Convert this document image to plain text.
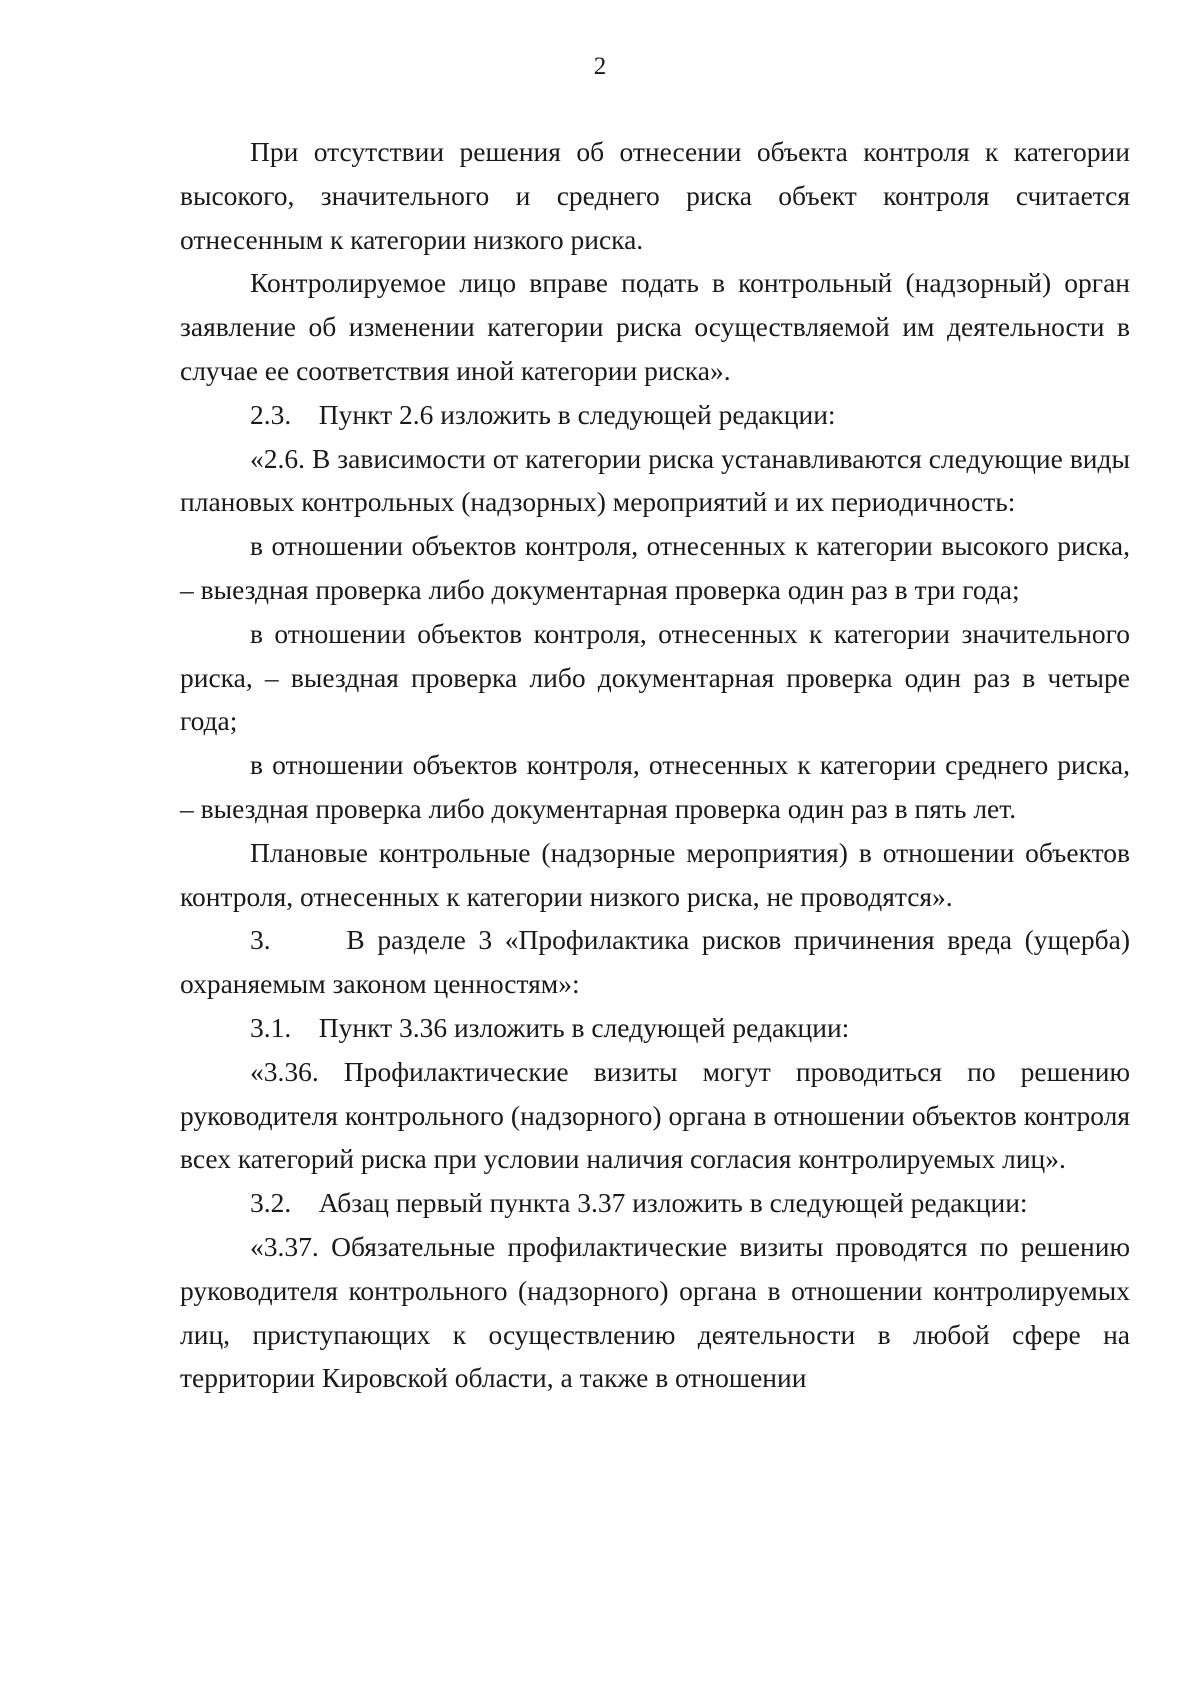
2

При отсутствии решения об отнесении объекта контроля к категории высокого, значительного и среднего риска объект контроля считается отнесенным к категории низкого риска.

Контролируемое лицо вправе подать в контрольный (надзорный) орган заявление об изменении категории риска осуществляемой им деятельности в случае ее соответствия иной категории риска».

2.3.    Пункт 2.6 изложить в следующей редакции:

«2.6. В зависимости от категории риска устанавливаются следующие виды плановых контрольных (надзорных) мероприятий и их периодичность:

в отношении объектов контроля, отнесенных к категории высокого риска, – выездная проверка либо документарная проверка один раз в три года;

в отношении объектов контроля, отнесенных к категории значительного риска, – выездная проверка либо документарная проверка один раз в четыре года;

в отношении объектов контроля, отнесенных к категории среднего риска, – выездная проверка либо документарная проверка один раз в пять лет.

Плановые контрольные (надзорные мероприятия) в отношении объектов контроля, отнесенных к категории низкого риска, не проводятся».

3.      В разделе 3 «Профилактика рисков причинения вреда (ущерба) охраняемым законом ценностям»:

3.1.    Пункт 3.36 изложить в следующей редакции:

«3.36. Профилактические визиты могут проводиться по решению руководителя контрольного (надзорного) органа в отношении объектов контроля всех категорий риска при условии наличия согласия контролируемых лиц».

3.2.    Абзац первый пункта 3.37 изложить в следующей редакции:

«3.37. Обязательные профилактические визиты проводятся по решению руководителя контрольного (надзорного) органа в отношении контролируемых лиц, приступающих к осуществлению деятельности в любой сфере на территории Кировской области, а также в отношении
